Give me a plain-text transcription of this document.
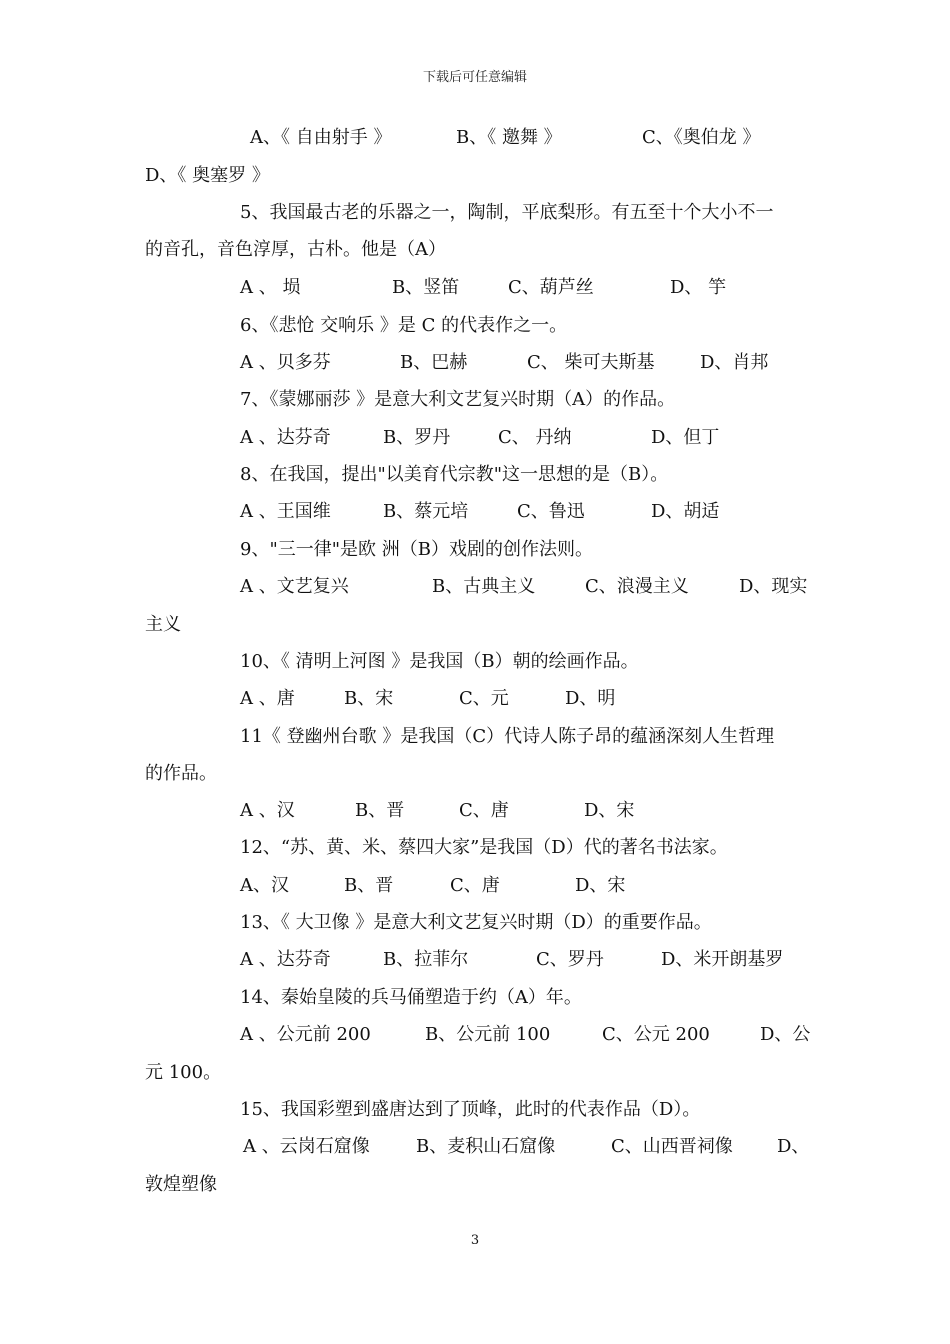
下载后可任意编辑
A、《 自由射手 》	B、《 邀舞 》	C、《奥伯龙 》
D、《 奥塞罗 》
5、我国最古老的乐器之一，陶制，平底梨形。有五至十个大小不一
的音孔，音色淳厚，古朴。他是（A）
A 、 埙	B、竖笛	C、葫芦丝	D、 竽
6、《悲怆 交响乐 》是 C 的代表作之一。
A 、贝多芬	B、巴赫	C、 柴可夫斯基	D、肖邦
7、《蒙娜丽莎 》是意大利文艺复兴时期（A）的作品。
A 、达芬奇	B、罗丹	C、 丹纳	D、但丁
8、在我国，提出"以美育代宗教"这一思想的是（B）。
A 、王国维	B、蔡元培	C、鲁迅	D、胡适
9、"三一律"是欧 洲（B）戏剧的创作法则。
A 、文艺复兴	B、古典主义	C、浪漫主义	D、现实
主义
10、《 清明上河图 》是我国（B）朝的绘画作品。
A 、唐	B、宋	C、元	D、明
11《 登幽州台歌 》是我国（C）代诗人陈子昂的蕴涵深刻人生哲理
的作品。
A 、汉	B、晋	C、唐	D、宋
12、“苏、黄、米、蔡四大家”是我国（D）代的著名书法家。
A、汉	B、晋	C、唐	D、宋
13、《 大卫像 》是意大利文艺复兴时期（D）的重要作品。
A 、达芬奇	B、拉菲尔	C、罗丹	D、米开朗基罗
14、秦始皇陵的兵马俑塑造于约（A）年。
A 、公元前 200	B、公元前 100	C、公元 200	D、公
元 100。
15、我国彩塑到盛唐达到了顶峰，此时的代表作品（D）。
A 、云岗石窟像	B、麦积山石窟像	C、山西晋祠像 D、
敦煌塑像
3
